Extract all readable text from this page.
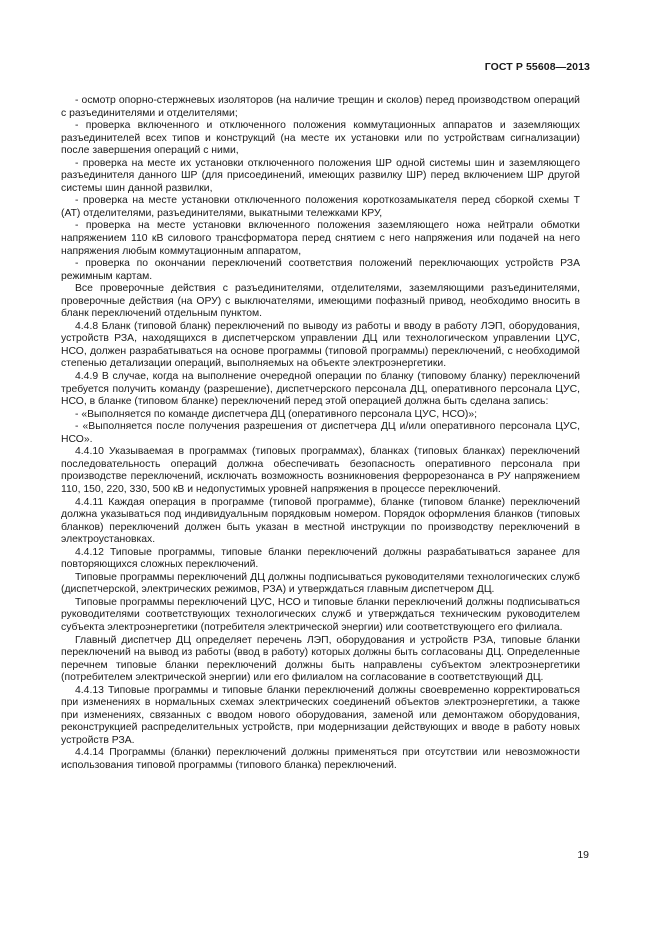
ГОСТ Р 55608—2013

- осмотр опорно-стержневых изоляторов (на наличие трещин и сколов) перед производством операций с разъединителями и отделителями;

- проверка включенного и отключенного положения коммутационных аппаратов и заземляющих разъединителей всех типов и конструкций (на месте их установки или по устройствам сигнализации) после завершения операций с ними,

- проверка на месте их установки отключенного положения ШР одной системы шин и заземляющего разъединителя данного ШР (для присоединений, имеющих развилку ШР) перед включением ШР другой системы шин данной развилки,

- проверка на месте установки отключенного положения короткозамыкателя перед сборкой схемы Т (АТ) отделителями, разъединителями, выкатными тележками КРУ,

- проверка на месте установки включенного положения заземляющего ножа нейтрали обмотки напряжением 110 кВ силового трансформатора перед снятием с него напряжения или подачей на него напряжения любым коммутационным аппаратом,

- проверка по окончании переключений соответствия положений переключающих устройств РЗА режимным картам.

Все проверочные действия с разъединителями, отделителями, заземляющими разъединителями, проверочные действия (на ОРУ) с выключателями, имеющими пофазный привод, необходимо вносить в бланк переключений отдельным пунктом.

4.4.8 Бланк (типовой бланк) переключений по выводу из работы и вводу в работу ЛЭП, оборудования, устройств РЗА, находящихся в диспетчерском управлении ДЦ или технологическом управлении ЦУС, НСО, должен разрабатываться на основе программы (типовой программы) переключений, с необходимой степенью детализации операций, выполняемых на объекте электроэнергетики.

4.4.9 В случае, когда на выполнение очередной операции по бланку (типовому бланку) переключений требуется получить команду (разрешение), диспетчерского персонала ДЦ, оперативного персонала ЦУС, НСО, в бланке (типовом бланке) переключений перед этой операцией должна быть сделана запись:

- «Выполняется по команде диспетчера ДЦ (оперативного персонала ЦУС, НСО)»;

- «Выполняется после получения разрешения от диспетчера ДЦ и/или оперативного персонала ЦУС, НСО».

4.4.10 Указываемая в программах (типовых программах), бланках (типовых бланках) переключений последовательность операций должна обеспечивать безопасность оперативного персонала при производстве переключений, исключать возможность возникновения феррорезонанса в РУ напряжением 110, 150, 220, 330, 500 кВ и недопустимых уровней напряжения в процессе переключений.

4.4.11 Каждая операция в программе (типовой программе), бланке (типовом бланке) переключений должна указываться под индивидуальным порядковым номером. Порядок оформления бланков (типовых бланков) переключений должен быть указан в местной инструкции по производству переключений в электроустановках.

4.4.12 Типовые программы, типовые бланки переключений должны разрабатываться заранее для повторяющихся сложных переключений.

Типовые программы переключений ДЦ должны подписываться руководителями технологических служб (диспетчерской, электрических режимов, РЗА) и утверждаться главным диспетчером ДЦ.

Типовые программы переключений ЦУС, НСО и типовые бланки переключений должны подписываться руководителями соответствующих технологических служб и утверждаться техническим руководителем субъекта электроэнергетики (потребителя электрической энергии) или соответствующего его филиала.

Главный диспетчер ДЦ определяет перечень ЛЭП, оборудования и устройств РЗА, типовые бланки переключений на вывод из работы (ввод в работу) которых должны быть согласованы ДЦ. Определенные перечнем типовые бланки переключений должны быть направлены субъектом электроэнергетики (потребителем электрической энергии) или его филиалом на согласование в соответствующий ДЦ.

4.4.13 Типовые программы и типовые бланки переключений должны своевременно корректироваться при изменениях в нормальных схемах электрических соединений объектов электроэнергетики, а также при изменениях, связанных с вводом нового оборудования, заменой или демонтажом оборудования, реконструкцией распределительных устройств, при модернизации действующих и вводе в работу новых устройств РЗА.

4.4.14 Программы (бланки) переключений должны применяться при отсутствии или невозможности использования типовой программы (типового бланка) переключений.

19
